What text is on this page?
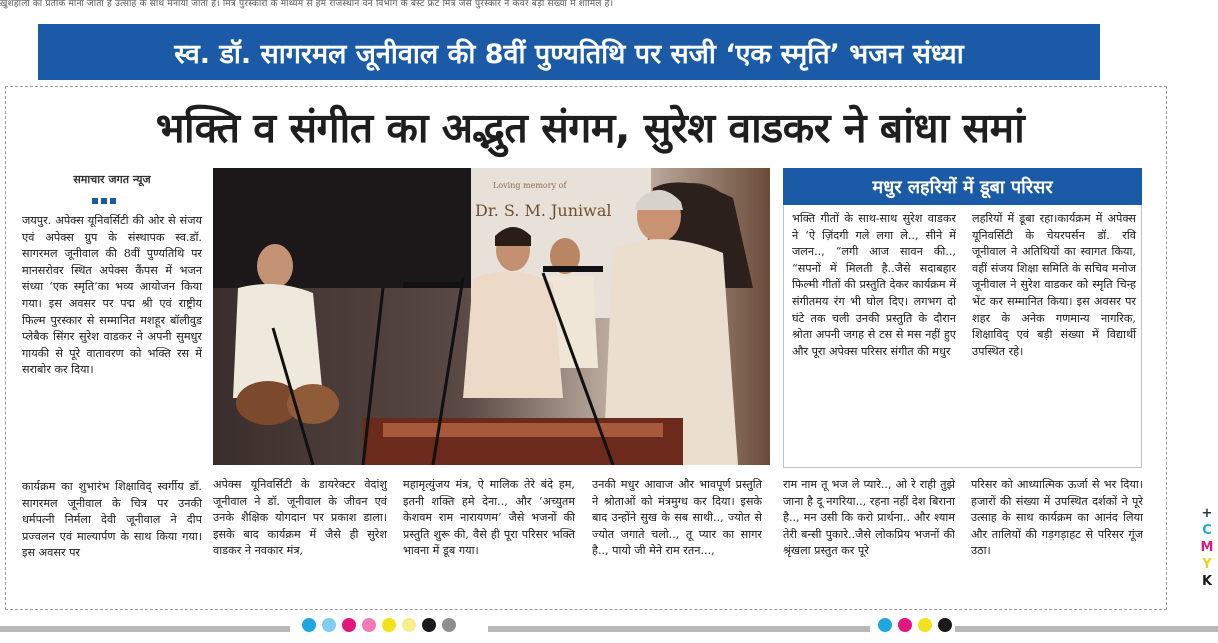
ख़ुशहाली का प्रतीक माना जाता है उत्साह के साथ मनाया जाता है। मित्र पुरस्कारों के माध्यम से हम राजस्थान वन विभाग के बेस्ट फ्रंट मित्र जैसे पुरस्कार ने कवर बड़ी संख्या में शामिल हैं।
स्व. डॉ. सागरमल जूनीवाल की 8वीं पुण्यतिथि पर सजी ‘एक स्मृति’ भजन संध्या
भक्ति व संगीत का अद्भुत संगम, सुरेश वाडकर ने बांधा समां
समाचार जगत न्यूज

जयपुर. अपेक्स यूनिवर्सिटी की ओर से संजय एवं अपेक्स ग्रुप के संस्थापक स्व.डॉ. सागरमल जूनीवाल की 8वीं पुण्यतिथि पर मानसरोवर स्थित अपेक्स कैंपस में भजन संध्या ‘एक स्मृति’का भव्य आयोजन किया गया। इस अवसर पर पद्म श्री एवं राष्ट्रीय फिल्म पुरस्कार से सम्मानित मशहूर बॉलीवुड प्लेबैक सिंगर सुरेश वाडकर ने अपनी सुमधुर गायकी से पूरे वातावरण को भक्ति रस में सराबोर कर दिया।

कार्यक्रम का शुभारंभ शिक्षाविद् स्वर्गीय डॉ. सागरमल जूनीवाल के चित्र पर उनकी धर्मपत्नी निर्मला देवी जूनीवाल ने दीप प्रज्वलन एवं माल्यार्पण के साथ किया गया। इस अवसर पर

Loving memory of
Dr. S. M. Juniwal

अपेक्स यूनिवर्सिटी के डायरेक्टर वेदांशु जूनीवाल ने डॉ. जूनीवाल के जीवन एवं उनके शैक्षिक योगदान पर प्रकाश डाला। इसके बाद कार्यक्रम में जैसे ही सुरेश वाडकर ने नवकार मंत्र,

महामृत्युंजय मंत्र, ऐ मालिक तेरे बंदे हम, इतनी शक्ति हमे देना.., और ‘अच्युतम केशवम राम नारायणम’ जैसे भजनों की प्रस्तुति शुरू की, वैसे ही पूरा परिसर भक्ति भावना में डूब गया।

उनकी मधुर आवाज और भावपूर्ण प्रस्तुति ने श्रोताओं को मंत्रमुग्ध कर दिया। इसके बाद उन्होंने सुख के सब साथी.., ज्योत से ज्योत जगाते चलो.., तू प्यार का सागर है.., पायो जी मेने राम रतन...,

राम नाम तू भज ले प्यारे.., ओ रे राही तुझे जाना है दू नगरिया.., रहना नहीं देश बिराना है.., मन उसी कि करो प्रार्थना.. और श्याम तेरी बन्सी पुकारे..जैसे लोकप्रिय भजनों की श्रृंखला प्रस्तुत कर पूरे

परिसर को आध्यात्मिक ऊर्जा से भर दिया। हजारों की संख्या में उपस्थित दर्शकों ने पूरे उत्साह के साथ कार्यक्रम का आनंद लिया और तालियों की गड़गड़ाहट से परिसर गूंज उठा।

मधुर लहरियों में डूबा परिसर

भक्ति गीतों के साथ-साथ सुरेश वाडकर ने ‘ऐ ज़िंदगी गले लगा ले.., सीने में जलन.., “लगी आज सावन की.., “सपनों में मिलती है..जैसे सदाबहार फिल्मी गीतों की प्रस्तुति देकर कार्यक्रम में संगीतमय रंग भी घोल दिए। लगभग दो घंटे तक चली उनकी प्रस्तुति के दौरान श्रोता अपनी जगह से टस से मस नहीं हुए और पूरा अपेक्स परिसर संगीत की मधुर

लहरियों में डूबा रहा।कार्यक्रम में अपेक्स यूनिवर्सिटी के चेयरपर्सन डॉ. रवि जूनीवाल ने अतिथियों का स्वागत किया, वहीं संजय शिक्षा समिति के सचिव मनोज जूनीवाल ने सुरेश वाडकर को स्मृति चिन्ह भेंट कर सम्मानित किया। इस अवसर पर शहर के अनेक गणमान्य नागरिक, शिक्षाविद् एवं बड़ी संख्या में विद्यार्थी उपस्थित रहे।

+
C
M
Y
K
